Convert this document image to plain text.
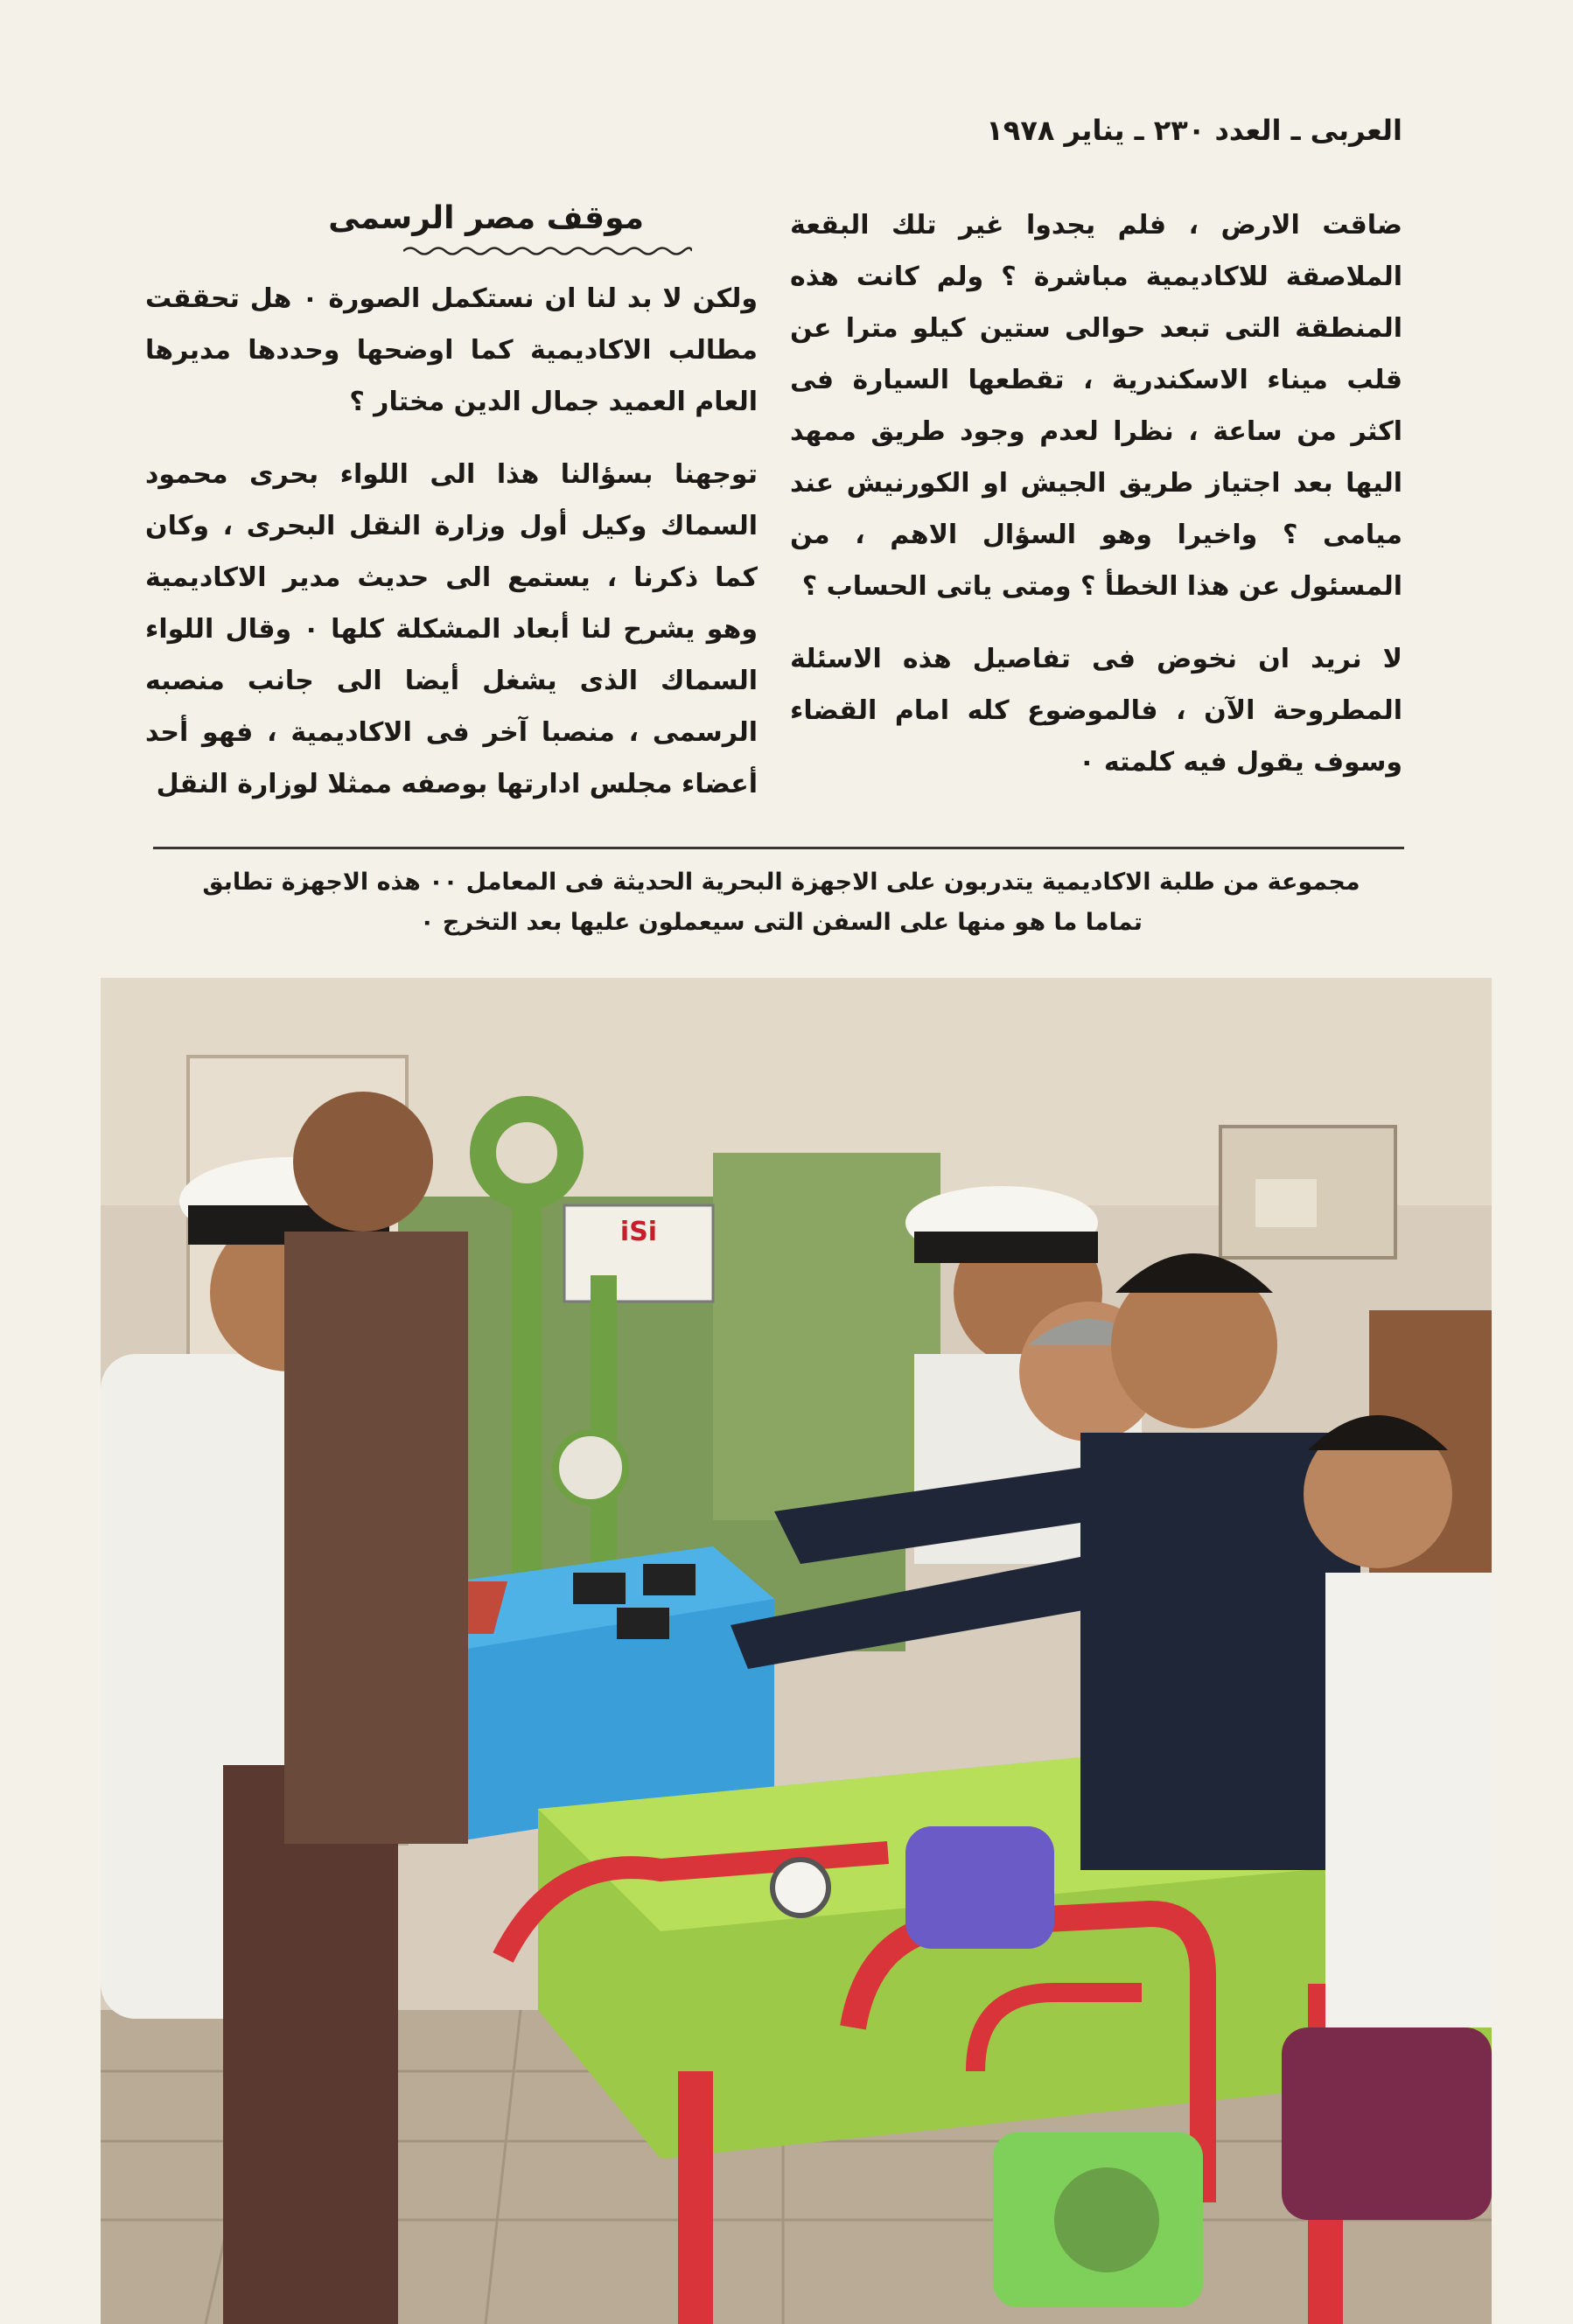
العربى ـ العدد ٢٣٠ ـ يناير ١٩٧٨

ضاقت الارض ، فلم يجدوا غير تلك البقعة الملاصقة للاكاديمية مباشرة ؟ ولم كانت هذه المنطقة التى تبعد حوالى ستين كيلو مترا عن قلب ميناء الاسكندرية ، تقطعها السيارة فى اكثر من ساعة ، نظرا لعدم وجود طريق ممهد اليها بعد اجتياز طريق الجيش او الكورنيش عند ميامى ؟ واخيرا وهو السؤال الاهم ، من المسئول عن هذا الخطأ ؟ ومتى ياتى الحساب ؟

لا نريد ان نخوض فى تفاصيل هذه الاسئلة المطروحة الآن ، فالموضوع كله امام القضاء وسوف يقول فيه كلمته ٠

موقف مصر الرسمى

ولكن لا بد لنا ان نستكمل الصورة ٠ هل تحققت مطالب الاكاديمية كما اوضحها وحددها مديرها العام العميد جمال الدين مختار ؟

توجهنا بسؤالنا هذا الى اللواء بحرى محمود السماك وكيل أول وزارة النقل البحرى ، وكان كما ذكرنا ، يستمع الى حديث مدير الاكاديمية وهو يشرح لنا أبعاد المشكلة كلها ٠ وقال اللواء السماك الذى يشغل أيضا الى جانب منصبه الرسمى ، منصبا آخر فى الاكاديمية ، فهو أحد أعضاء مجلس ادارتها بوصفه ممثلا لوزارة النقل

مجموعة من طلبة الاكاديمية يتدربون على الاجهزة البحرية الحديثة فى المعامل ٠٠ هذه الاجهزة تطابق
تماما ما هو منها على السفن التى سيعملون عليها بعد التخرج ٠
iSi
